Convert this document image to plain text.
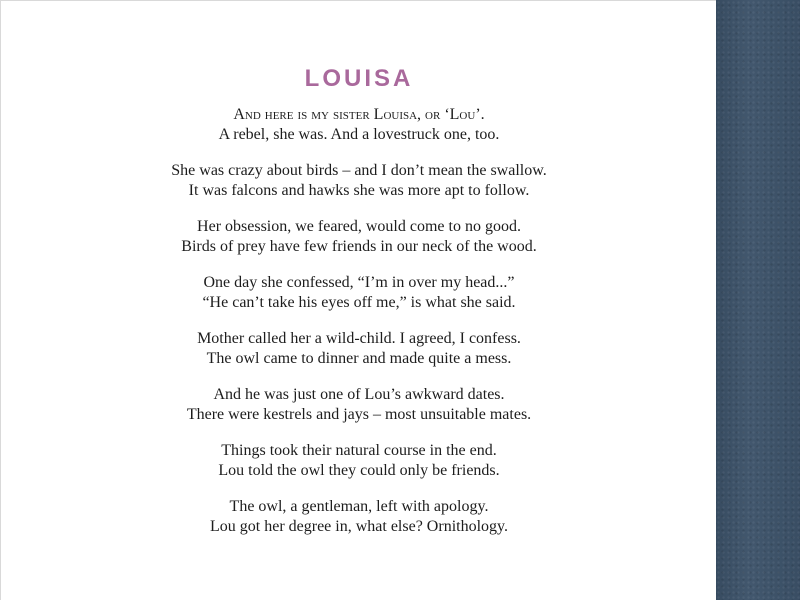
LOUISA
And here is my sister Louisa, or ‘Lou’.
A rebel, she was. And a lovestruck one, too.
She was crazy about birds – and I don’t mean the swallow.
It was falcons and hawks she was more apt to follow.
Her obsession, we feared, would come to no good.
Birds of prey have few friends in our neck of the wood.
One day she confessed, “I’m in over my head...”
“He can’t take his eyes off me,” is what she said.
Mother called her a wild-child. I agreed, I confess.
The owl came to dinner and made quite a mess.
And he was just one of Lou’s awkward dates.
There were kestrels and jays – most unsuitable mates.
Things took their natural course in the end.
Lou told the owl they could only be friends.
The owl, a gentleman, left with apology.
Lou got her degree in, what else? Ornithology.
